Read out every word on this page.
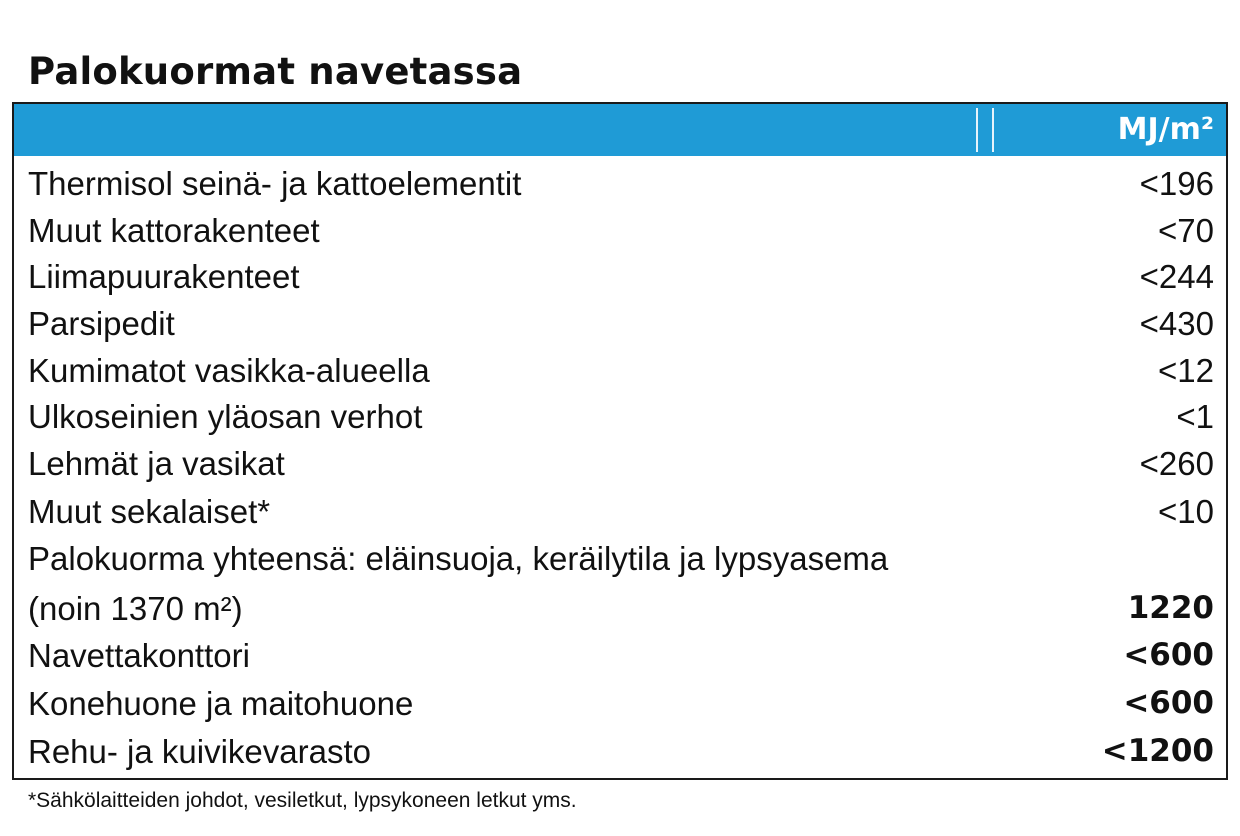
Palokuormat navetassa
MJ/m²
Thermisol seinä- ja kattoelementit	<196
Muut kattorakenteet	<70
Liimapuurakenteet	<244
Parsipedit	<430
Kumimatot vasikka-alueella	<12
Ulkoseinien yläosan verhot	<1
Lehmät ja vasikat	<260
Muut sekalaiset*	<10
Palokuorma yhteensä: eläinsuoja, keräilytila ja lypsyasema
(noin 1370 m²)	1220
Navettakonttori	<600
Konehuone ja maitohuone	<600
Rehu- ja kuivikevarasto	<1200
*Sähkölaitteiden johdot, vesiletkut, lypsykoneen letkut yms.
